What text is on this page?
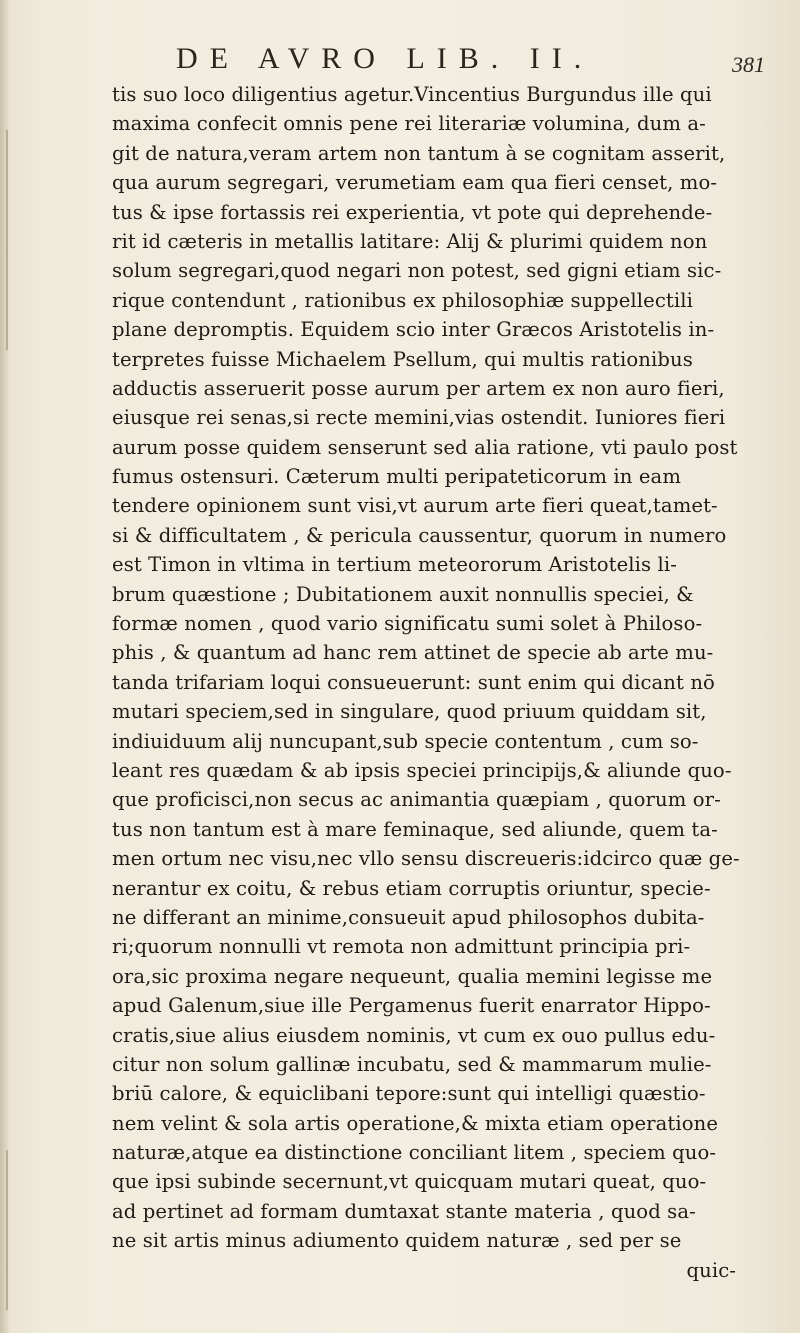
DE AVRO LIB. II.	381
tis suo loco diligentius agetur.Vincentius Burgundus ille qui
maxima confecit omnis pene rei literariæ volumina, dum a-
git de natura,veram artem non tantum à se cognitam asserit,
qua aurum segregari, verumetiam eam qua fieri censet, mo-
tus & ipse fortassis rei experientia, vt pote qui deprehende-
rit id cæteris in metallis latitare: Alij & plurimi quidem non
solum segregari,quod negari non potest, sed gigni etiam sic-
rique contendunt , rationibus ex philosophiæ suppellectili
plane depromptis. Equidem scio inter Græcos Aristotelis in-
terpretes fuisse Michaelem Psellum, qui multis rationibus
adductis asseruerit posse aurum per artem ex non auro fieri,
eiusque rei senas,si recte memini,vias ostendit. Iuniores fieri
aurum posse quidem senserunt sed alia ratione, vti paulo post
fumus ostensuri. Cæterum multi peripateticorum in eam
tendere opinionem sunt visi,vt aurum arte fieri queat,tamet-
si & difficultatem , & pericula caussentur, quorum in numero
est Timon in vltima in tertium meteororum Aristotelis li-
brum quæstione ; Dubitationem auxit nonnullis speciei, &
formæ nomen , quod vario significatu sumi solet à Philoso-
phis , & quantum ad hanc rem attinet de specie ab arte mu-
tanda trifariam loqui consueuerunt: sunt enim qui dicant nō
mutari speciem,sed in singulare, quod priuum quiddam sit,
indiuiduum alij nuncupant,sub specie contentum , cum so-
leant res quædam & ab ipsis speciei principijs,& aliunde quo-
que proficisci,non secus ac animantia quæpiam , quorum or-
tus non tantum est à mare feminaque, sed aliunde, quem ta-
men ortum nec visu,nec vllo sensu discreueris:idcirco quæ ge-
nerantur ex coitu, & rebus etiam corruptis oriuntur, specie-
ne differant an minime,consueuit apud philosophos dubita-
ri;quorum nonnulli vt remota non admittunt principia pri-
ora,sic proxima negare nequeunt, qualia memini legisse me
apud Galenum,siue ille Pergamenus fuerit enarrator Hippo-
cratis,siue alius eiusdem nominis, vt cum ex ouo pullus edu-
citur non solum gallinæ incubatu, sed & mammarum mulie-
briū calore, & equiclibani tepore:sunt qui intelligi quæstio-
nem velint & sola artis operatione,& mixta etiam operatione
naturæ,atque ea distinctione conciliant litem , speciem quo-
que ipsi subinde secernunt,vt quicquam mutari queat, quo-
ad pertinet ad formam dumtaxat stante materia , quod sa-
ne sit artis minus adiumento quidem naturæ , sed per se
quic-
